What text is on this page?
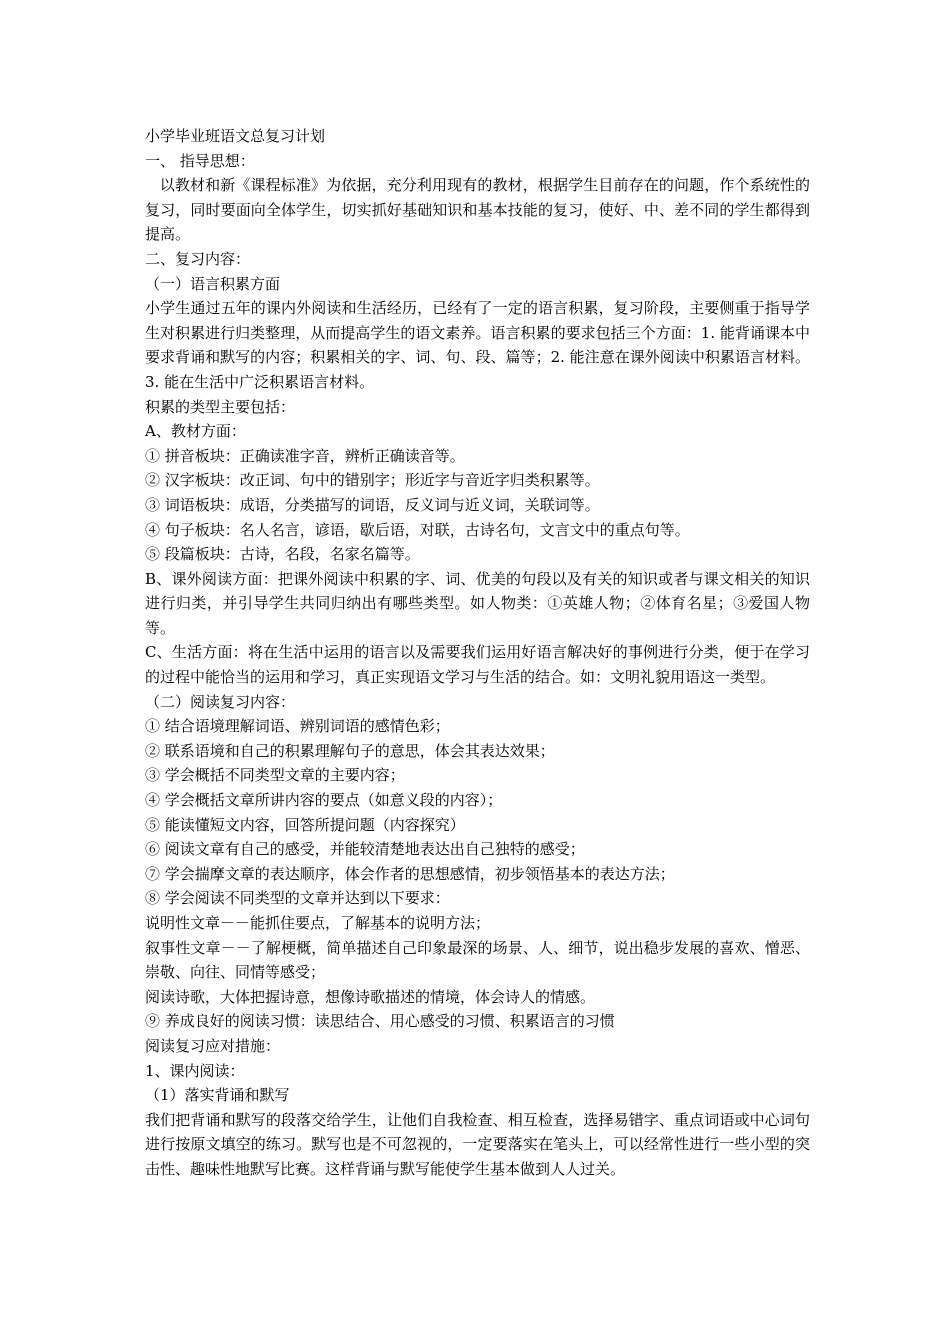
小学毕业班语文总复习计划
一、 指导思想：
以教材和新《课程标准》为依据，充分利用现有的教材，根据学生目前存在的问题，作个系统性的复习，同时要面向全体学生，切实抓好基础知识和基本技能的复习，使好、中、差不同的学生都得到提高。
二、复习内容：
（一）语言积累方面
小学生通过五年的课内外阅读和生活经历，已经有了一定的语言积累，复习阶段，主要侧重于指导学生对积累进行归类整理，从而提高学生的语文素养。语言积累的要求包括三个方面：1. 能背诵课本中要求背诵和默写的内容；积累相关的字、词、句、段、篇等；2. 能注意在课外阅读中积累语言材料。3. 能在生活中广泛积累语言材料。
积累的类型主要包括：
A、教材方面：
① 拼音板块：正确读准字音，辨析正确读音等。
② 汉字板块：改正词、句中的错别字；形近字与音近字归类积累等。
③ 词语板块：成语，分类描写的词语，反义词与近义词，关联词等。
④ 句子板块：名人名言，谚语，歇后语，对联，古诗名句，文言文中的重点句等。
⑤ 段篇板块：古诗，名段，名家名篇等。
B、课外阅读方面：把课外阅读中积累的字、词、优美的句段以及有关的知识或者与课文相关的知识进行归类，并引导学生共同归纳出有哪些类型。如人物类：①英雄人物；②体育名星；③爱国人物等。
C、生活方面：将在生活中运用的语言以及需要我们运用好语言解决好的事例进行分类，便于在学习的过程中能恰当的运用和学习，真正实现语文学习与生活的结合。如：文明礼貌用语这一类型。
（二）阅读复习内容：
① 结合语境理解词语、辨别词语的感情色彩；
② 联系语境和自己的积累理解句子的意思，体会其表达效果；
③ 学会概括不同类型文章的主要内容；
④ 学会概括文章所讲内容的要点（如意义段的内容）；
⑤ 能读懂短文内容，回答所提问题（内容探究）
⑥ 阅读文章有自己的感受，并能较清楚地表达出自己独特的感受；
⑦ 学会揣摩文章的表达顺序，体会作者的思想感情，初步领悟基本的表达方法；
⑧ 学会阅读不同类型的文章并达到以下要求：
说明性文章－－能抓住要点，了解基本的说明方法；
叙事性文章－－了解梗概，简单描述自己印象最深的场景、人、细节，说出稳步发展的喜欢、憎恶、崇敬、向往、同情等感受；
阅读诗歌，大体把握诗意，想像诗歌描述的情境，体会诗人的情感。
⑨ 养成良好的阅读习惯：读思结合、用心感受的习惯、积累语言的习惯
阅读复习应对措施：
1、课内阅读：
（1）落实背诵和默写
我们把背诵和默写的段落交给学生，让他们自我检查、相互检查，选择易错字、重点词语或中心词句进行按原文填空的练习。默写也是不可忽视的，一定要落实在笔头上，可以经常性进行一些小型的突击性、趣味性地默写比赛。这样背诵与默写能使学生基本做到人人过关。
